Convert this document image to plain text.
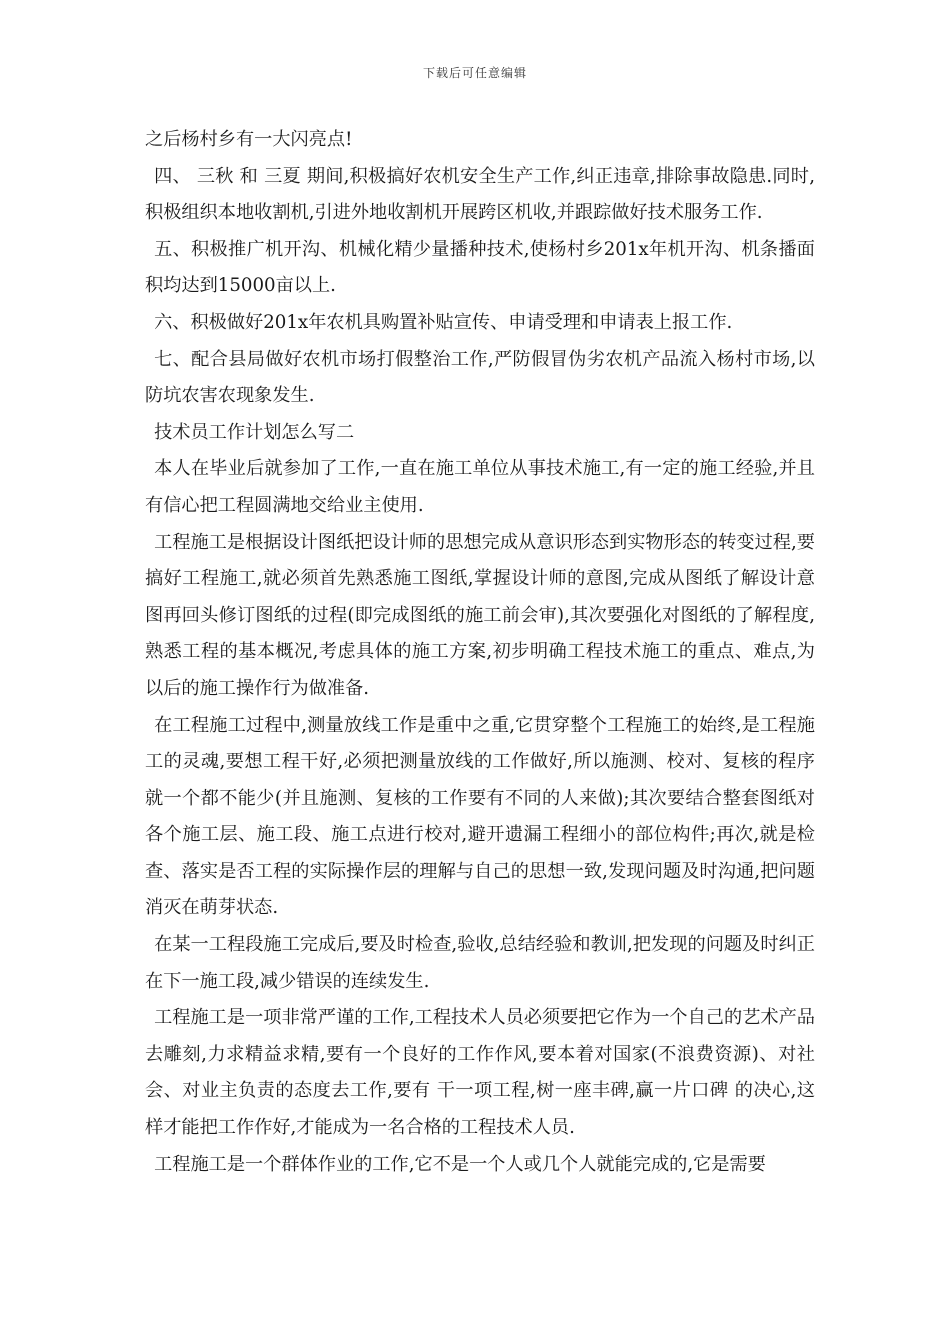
下载后可任意编辑

之后杨村乡有一大闪亮点!

四、 三秋 和 三夏 期间,积极搞好农机安全生产工作,纠正违章,排除事故隐患.同时,积极组织本地收割机,引进外地收割机开展跨区机收,并跟踪做好技术服务工作.

五、积极推广机开沟、机械化精少量播种技术,使杨村乡201x年机开沟、机条播面积均达到15000亩以上.

六、积极做好201x年农机具购置补贴宣传、申请受理和申请表上报工作.

七、配合县局做好农机市场打假整治工作,严防假冒伪劣农机产品流入杨村市场,以防坑农害农现象发生.

技术员工作计划怎么写二

本人在毕业后就参加了工作,一直在施工单位从事技术施工,有一定的施工经验,并且有信心把工程圆满地交给业主使用.

工程施工是根据设计图纸把设计师的思想完成从意识形态到实物形态的转变过程,要搞好工程施工,就必须首先熟悉施工图纸,掌握设计师的意图,完成从图纸了解设计意图再回头修订图纸的过程(即完成图纸的施工前会审),其次要强化对图纸的了解程度,熟悉工程的基本概况,考虑具体的施工方案,初步明确工程技术施工的重点、难点,为以后的施工操作行为做准备.

在工程施工过程中,测量放线工作是重中之重,它贯穿整个工程施工的始终,是工程施工的灵魂,要想工程干好,必须把测量放线的工作做好,所以施测、校对、复核的程序就一个都不能少(并且施测、复核的工作要有不同的人来做);其次要结合整套图纸对各个施工层、施工段、施工点进行校对,避开遗漏工程细小的部位构件;再次,就是检查、落实是否工程的实际操作层的理解与自己的思想一致,发现问题及时沟通,把问题消灭在萌芽状态.

在某一工程段施工完成后,要及时检查,验收,总结经验和教训,把发现的问题及时纠正在下一施工段,减少错误的连续发生.

工程施工是一项非常严谨的工作,工程技术人员必须要把它作为一个自己的艺术产品去雕刻,力求精益求精,要有一个良好的工作作风,要本着对国家(不浪费资源)、对社会、对业主负责的态度去工作,要有 干一项工程,树一座丰碑,赢一片口碑 的决心,这样才能把工作作好,才能成为一名合格的工程技术人员.

工程施工是一个群体作业的工作,它不是一个人或几个人就能完成的,它是需要
